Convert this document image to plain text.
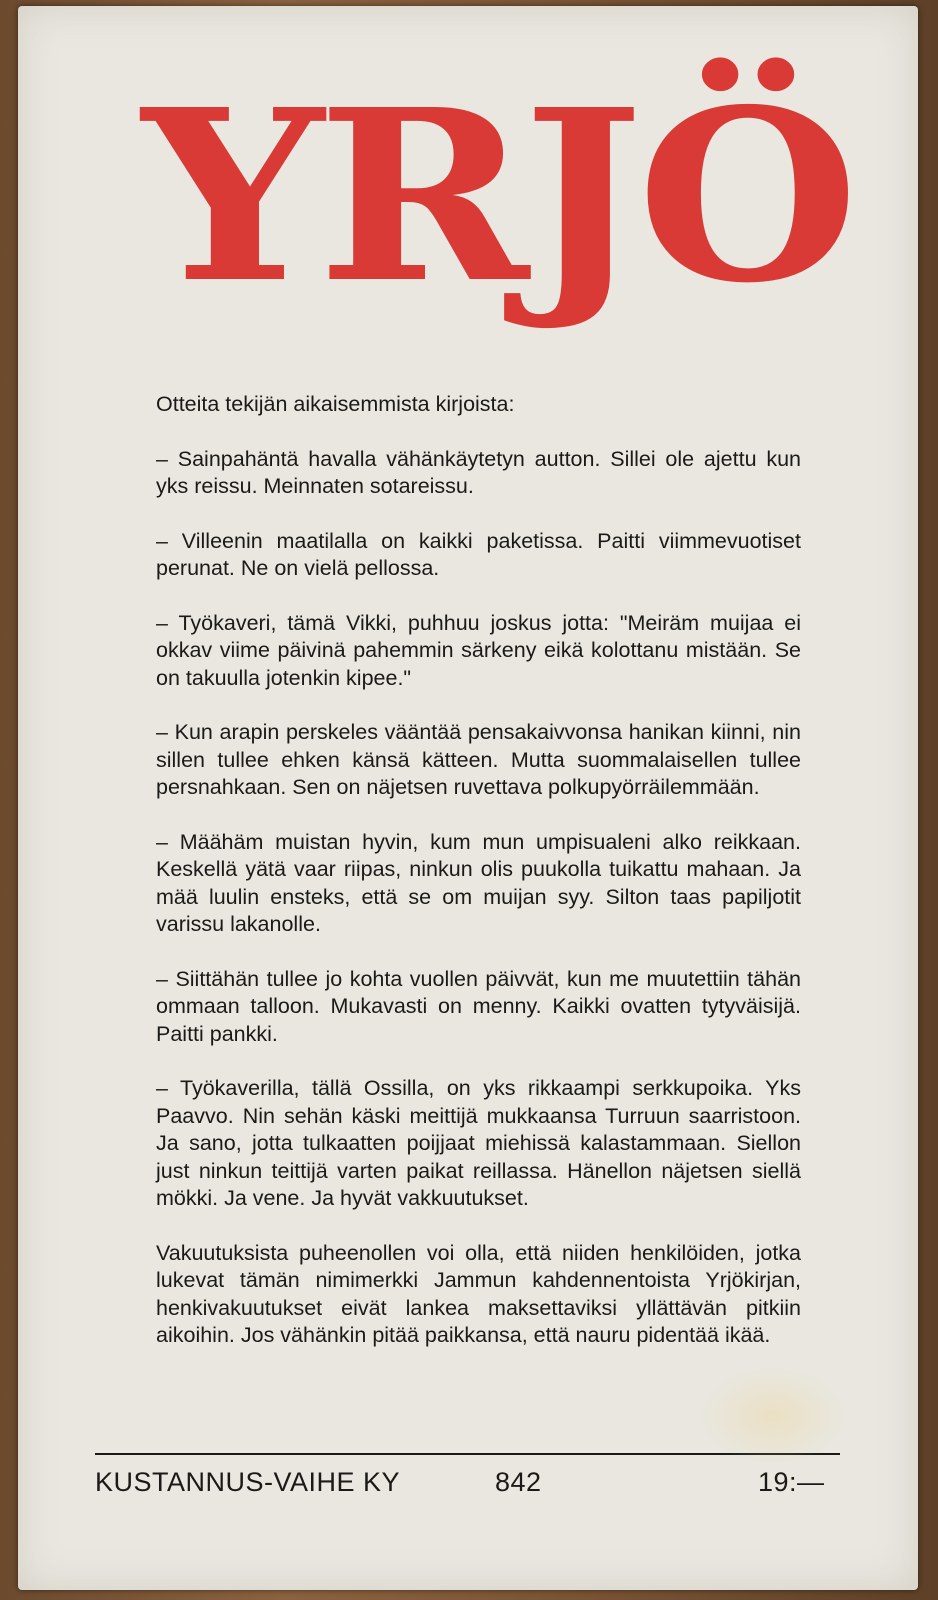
YRJÖ

Otteita tekijän aikaisemmista kirjoista:

– Sainpahäntä havalla vähänkäytetyn autton. Sillei ole ajettu kun yks reissu. Meinnaten sotareissu.

– Villeenin maatilalla on kaikki paketissa. Paitti viimmevuotiset perunat. Ne on vielä pellossa.

– Työkaveri, tämä Vikki, puhhuu joskus jotta: "Meiräm muijaa ei okkav viime päivinä pahemmin särkeny eikä kolottanu mistään. Se on takuulla jotenkin kipee."

– Kun arapin perskeles vääntää pensakaivvonsa hanikan kiinni, nin sillen tullee ehken känsä kätteen. Mutta suommalaisellen tullee persnahkaan. Sen on näjetsen ruvettava polkupyörräilemmään.

– Määhäm muistan hyvin, kum mun umpisualeni alko reikkaan. Keskellä yätä vaar riipas, ninkun olis puukolla tuikattu mahaan. Ja mää luulin ensteks, että se om muijan syy. Silton taas papiljotit varissu lakanolle.

– Siittähän tullee jo kohta vuollen päivvät, kun me muutettiin tähän ommaan talloon. Mukavasti on menny. Kaikki ovatten tytyväisijä. Paitti pankki.

– Työkaverilla, tällä Ossilla, on yks rikkaampi serkkupoika. Yks Paavvo. Nin sehän käski meittijä mukkaansa Turruun saarristoon. Ja sano, jotta tulkaatten poijjaat miehissä kalastammaan. Siellon just ninkun teittijä varten paikat reillassa. Hänellon näjetsen siellä mökki. Ja vene. Ja hyvät vakkuutukset.

Vakuutuksista puheenollen voi olla, että niiden henkilöiden, jotka lukevat tämän nimimerkki Jammun kahdennentoista Yrjökirjan, henkivakuutukset eivät lankea maksettaviksi yllättävän pitkiin aikoihin. Jos vähänkin pitää paikkansa, että nauru pidentää ikää.

KUSTANNUS-VAIHE KY	842	19:—
